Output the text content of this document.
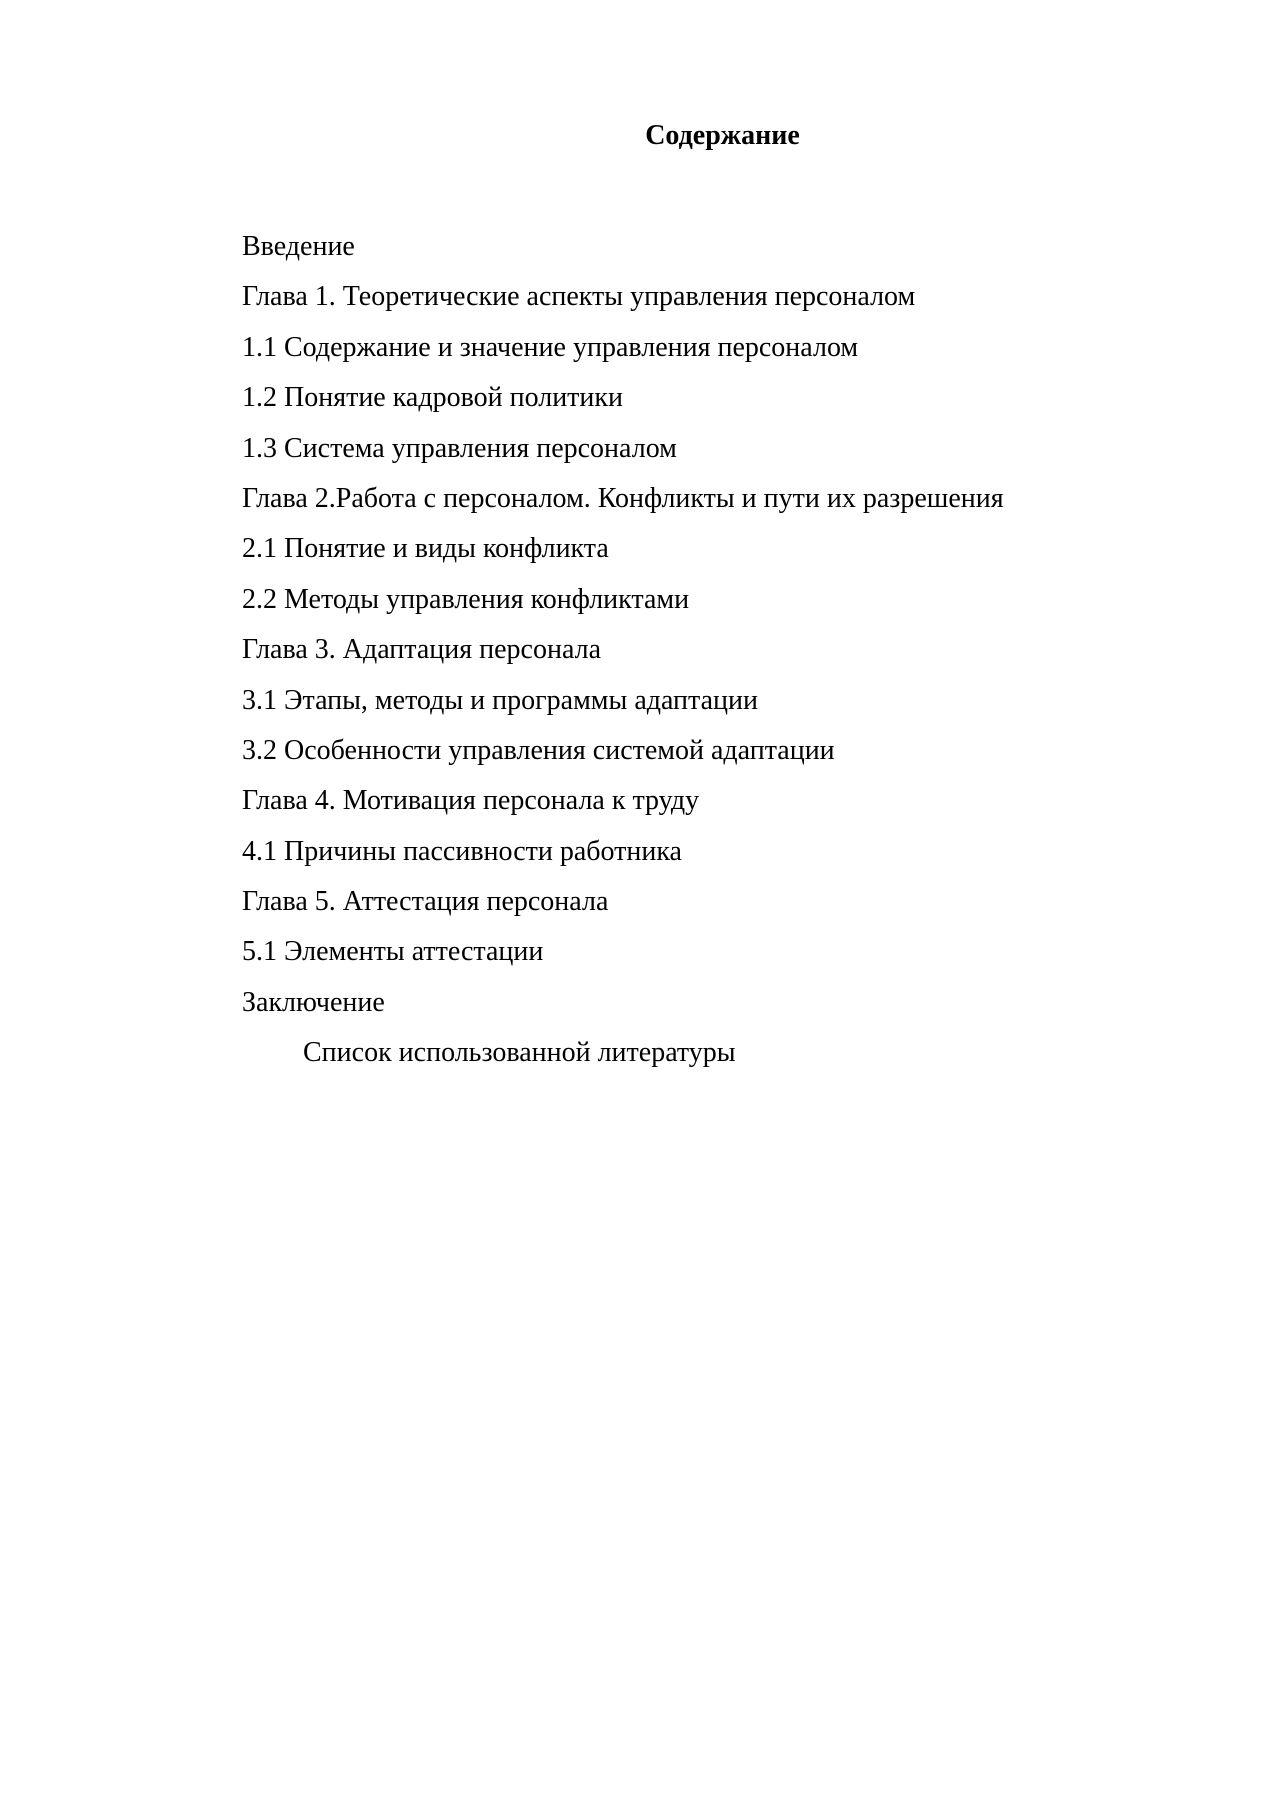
Содержание
Введение
Глава 1. Теоретические аспекты управления персоналом
1.1 Содержание и значение управления персоналом
1.2 Понятие кадровой политики
1.3 Система управления персоналом
Глава 2.Работа с персоналом. Конфликты и пути их разрешения
2.1 Понятие и виды конфликта
2.2 Методы управления конфликтами
Глава 3. Адаптация персонала
3.1 Этапы, методы и программы адаптации
3.2 Особенности управления системой адаптации
Глава 4. Мотивация персонала к труду
4.1 Причины пассивности работника
Глава 5. Аттестация персонала
5.1 Элементы аттестации
Заключение
Список использованной литературы
